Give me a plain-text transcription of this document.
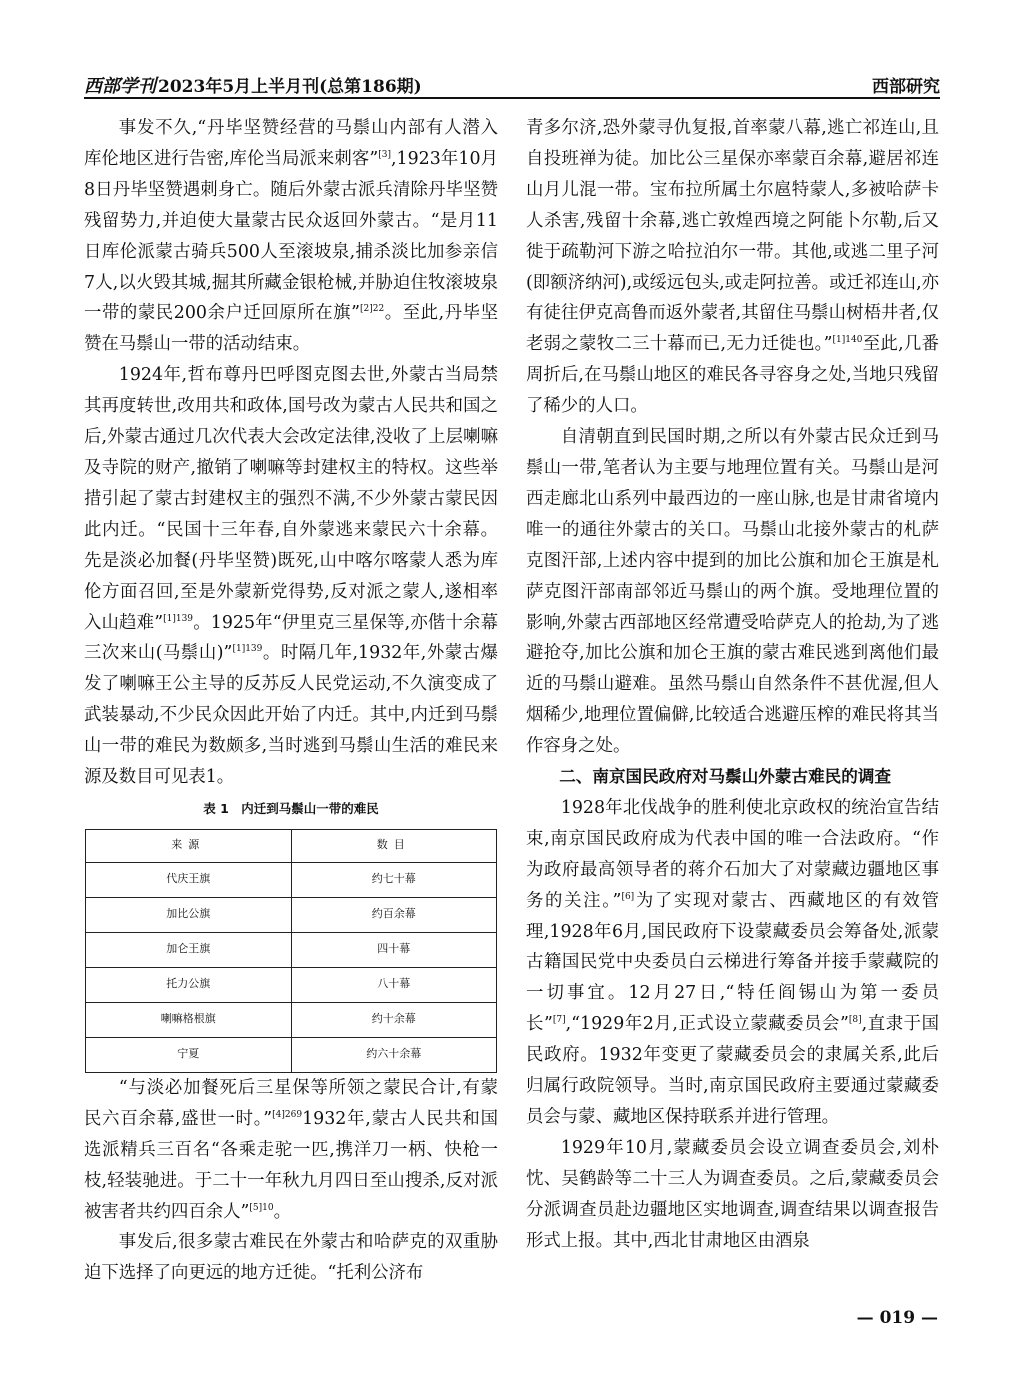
西部学刊 2023年5月上半月刊(总第186期)	西部研究

事发不久,“丹毕坚赞经营的马鬃山内部有人潜入库伦地区进行告密,库伦当局派来刺客”[3],1923年10月8日丹毕坚赞遇刺身亡。随后外蒙古派兵清除丹毕坚赞残留势力,并迫使大量蒙古民众返回外蒙古。“是月11日库伦派蒙古骑兵500人至滚坡泉,捕杀淡比加参亲信7人,以火毁其城,掘其所藏金银枪械,并胁迫住牧滚坡泉一带的蒙民200余户迁回原所在旗”$^{[2]22}$。至此,丹毕坚赞在马鬃山一带的活动结束。

1924年,哲布尊丹巴呼图克图去世,外蒙古当局禁其再度转世,改用共和政体,国号改为蒙古人民共和国之后,外蒙古通过几次代表大会改定法律,没收了上层喇嘛及寺院的财产,撤销了喇嘛等封建权主的特权。这些举措引起了蒙古封建权主的强烈不满,不少外蒙古蒙民因此内迁。“民国十三年春,自外蒙逃来蒙民六十余幕。先是淡必加餐(丹毕坚赞)既死,山中喀尔喀蒙人悉为库伦方面召回,至是外蒙新党得势,反对派之蒙人,遂相率入山趋难”$^{[1]139}$。1925年“伊里克三星保等,亦偕十余幕三次来山(马鬃山)”$^{[1]139}$。时隔几年,1932年,外蒙古爆发了喇嘛王公主导的反苏反人民党运动,不久演变成了武装暴动,不少民众因此开始了内迁。其中,内迁到马鬃山一带的难民为数颇多,当时逃到马鬃山生活的难民来源及数目可见表1。

表 1　内迁到马鬃山一带的难民
来源	数目
代庆王旗	约七十幕
加比公旗	约百余幕
加仑王旗	四十幕
托力公旗	八十幕
喇嘛格根旗	约十余幕
宁夏	约六十余幕

“与淡必加餐死后三星保等所领之蒙民合计,有蒙民六百余幕,盛世一时。”$^{[4]269}$1932年,蒙古人民共和国选派精兵三百名“各乘走驼一匹,携洋刀一柄、快枪一枝,轻装驰进。于二十一年秋九月四日至山搜杀,反对派被害者共约四百余人”$^{[5]10}$。

事发后,很多蒙古难民在外蒙古和哈萨克的双重胁迫下选择了向更远的地方迁徙。“托利公济布

青多尔济,恐外蒙寻仇复报,首率蒙八幕,逃亡祁连山,且自投班禅为徒。加比公三星保亦率蒙百余幕,避居祁连山月儿混一带。宝布拉所属土尔扈特蒙人,多被哈萨卡人杀害,残留十余幕,逃亡敦煌西境之阿能卜尔勒,后又徙于疏勒河下游之哈拉泊尔一带。其他,或逃二里子河(即额济纳河),或绥远包头,或走阿拉善。或迁祁连山,亦有徒往伊克高鲁而返外蒙者,其留住马鬃山树梧井者,仅老弱之蒙牧二三十幕而已,无力迁徙也。”$^{[1]140}$至此,几番周折后,在马鬃山地区的难民各寻容身之处,当地只残留了稀少的人口。

自清朝直到民国时期,之所以有外蒙古民众迁到马鬃山一带,笔者认为主要与地理位置有关。马鬃山是河西走廊北山系列中最西边的一座山脉,也是甘肃省境内唯一的通往外蒙古的关口。马鬃山北接外蒙古的札萨克图汗部,上述内容中提到的加比公旗和加仑王旗是札萨克图汗部南部邻近马鬃山的两个旗。受地理位置的影响,外蒙古西部地区经常遭受哈萨克人的抢劫,为了逃避抢夺,加比公旗和加仑王旗的蒙古难民逃到离他们最近的马鬃山避难。虽然马鬃山自然条件不甚优渥,但人烟稀少,地理位置偏僻,比较适合逃避压榨的难民将其当作容身之处。

二、南京国民政府对马鬃山外蒙古难民的调查

1928年北伐战争的胜利使北京政权的统治宣告结束,南京国民政府成为代表中国的唯一合法政府。“作为政府最高领导者的蒋介石加大了对蒙藏边疆地区事务的关注。”[6]为了实现对蒙古、西藏地区的有效管理,1928年6月,国民政府下设蒙藏委员会筹备处,派蒙古籍国民党中央委员白云梯进行筹备并接手蒙藏院的一切事宜。12月27日,“特任阎锡山为第一委员长”[7],“1929年2月,正式设立蒙藏委员会”[8],直隶于国民政府。1932年变更了蒙藏委员会的隶属关系,此后归属行政院领导。当时,南京国民政府主要通过蒙藏委员会与蒙、藏地区保持联系并进行管理。

1929年10月,蒙藏委员会设立调查委员会,刘朴忱、吴鹤龄等二十三人为调查委员。之后,蒙藏委员会分派调查员赴边疆地区实地调查,调查结果以调查报告形式上报。其中,西北甘肃地区由酒泉

— 019 —
